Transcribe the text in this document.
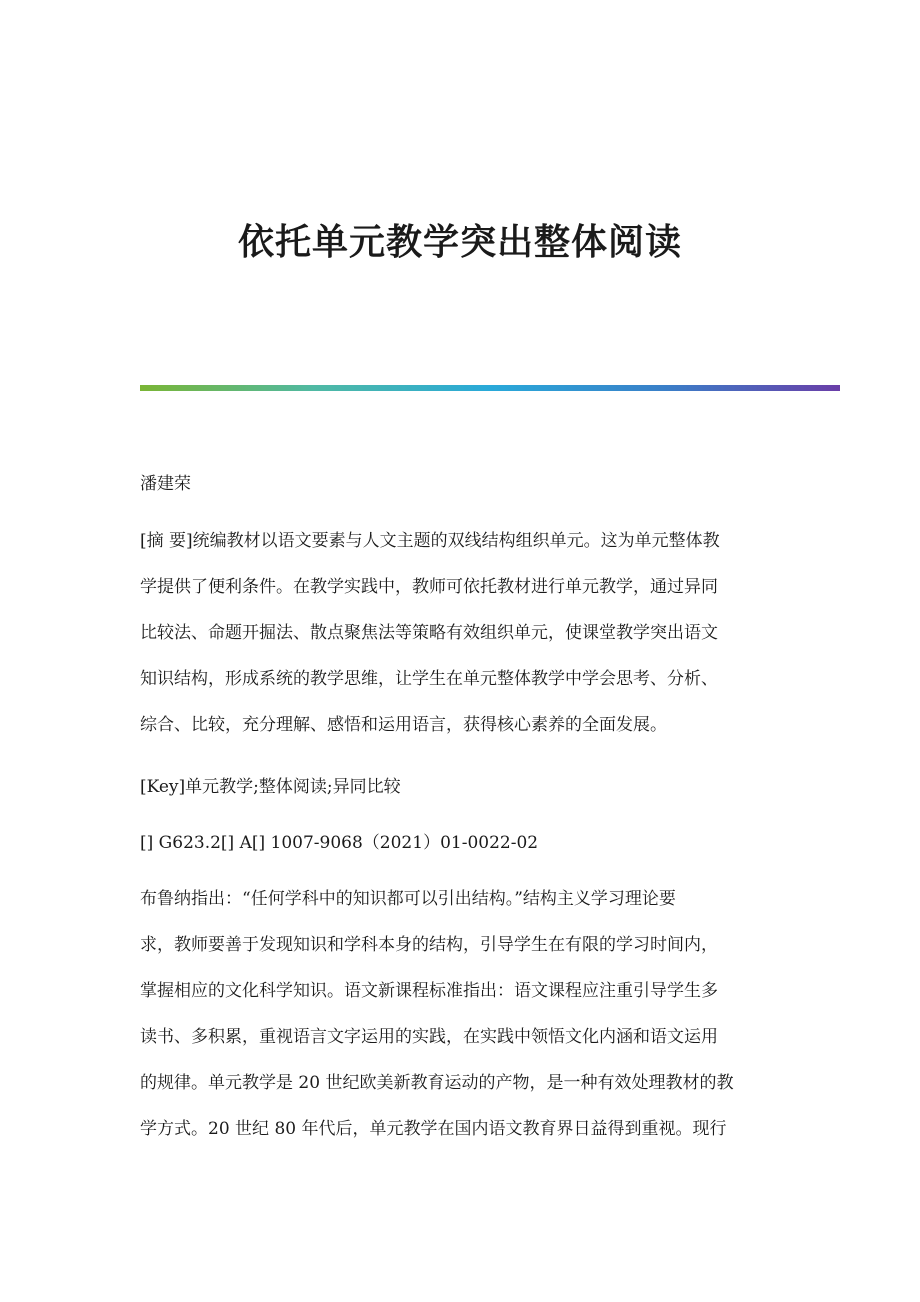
依托单元教学突出整体阅读
潘建荣
[摘 要]统编教材以语文要素与人文主题的双线结构组织单元。这为单元整体教
学提供了便利条件。在教学实践中，教师可依托教材进行单元教学，通过异同
比较法、命题开掘法、散点聚焦法等策略有效组织单元，使课堂教学突出语文
知识结构，形成系统的教学思维，让学生在单元整体教学中学会思考、分析、
综合、比较，充分理解、感悟和运用语言，获得核心素养的全面发展。
[Key]单元教学;整体阅读;异同比较
[] G623.2[] A[] 1007-9068（2021）01-0022-02
布鲁纳指出：“任何学科中的知识都可以引出结构。”结构主义学习理论要
求，教师要善于发现知识和学科本身的结构，引导学生在有限的学习时间内，
掌握相应的文化科学知识。语文新课程标准指出：语文课程应注重引导学生多
读书、多积累，重视语言文字运用的实践，在实践中领悟文化内涵和语文运用
的规律。单元教学是 20 世纪欧美新教育运动的产物，是一种有效处理教材的教
学方式。20 世纪 80 年代后，单元教学在国内语文教育界日益得到重视。现行
